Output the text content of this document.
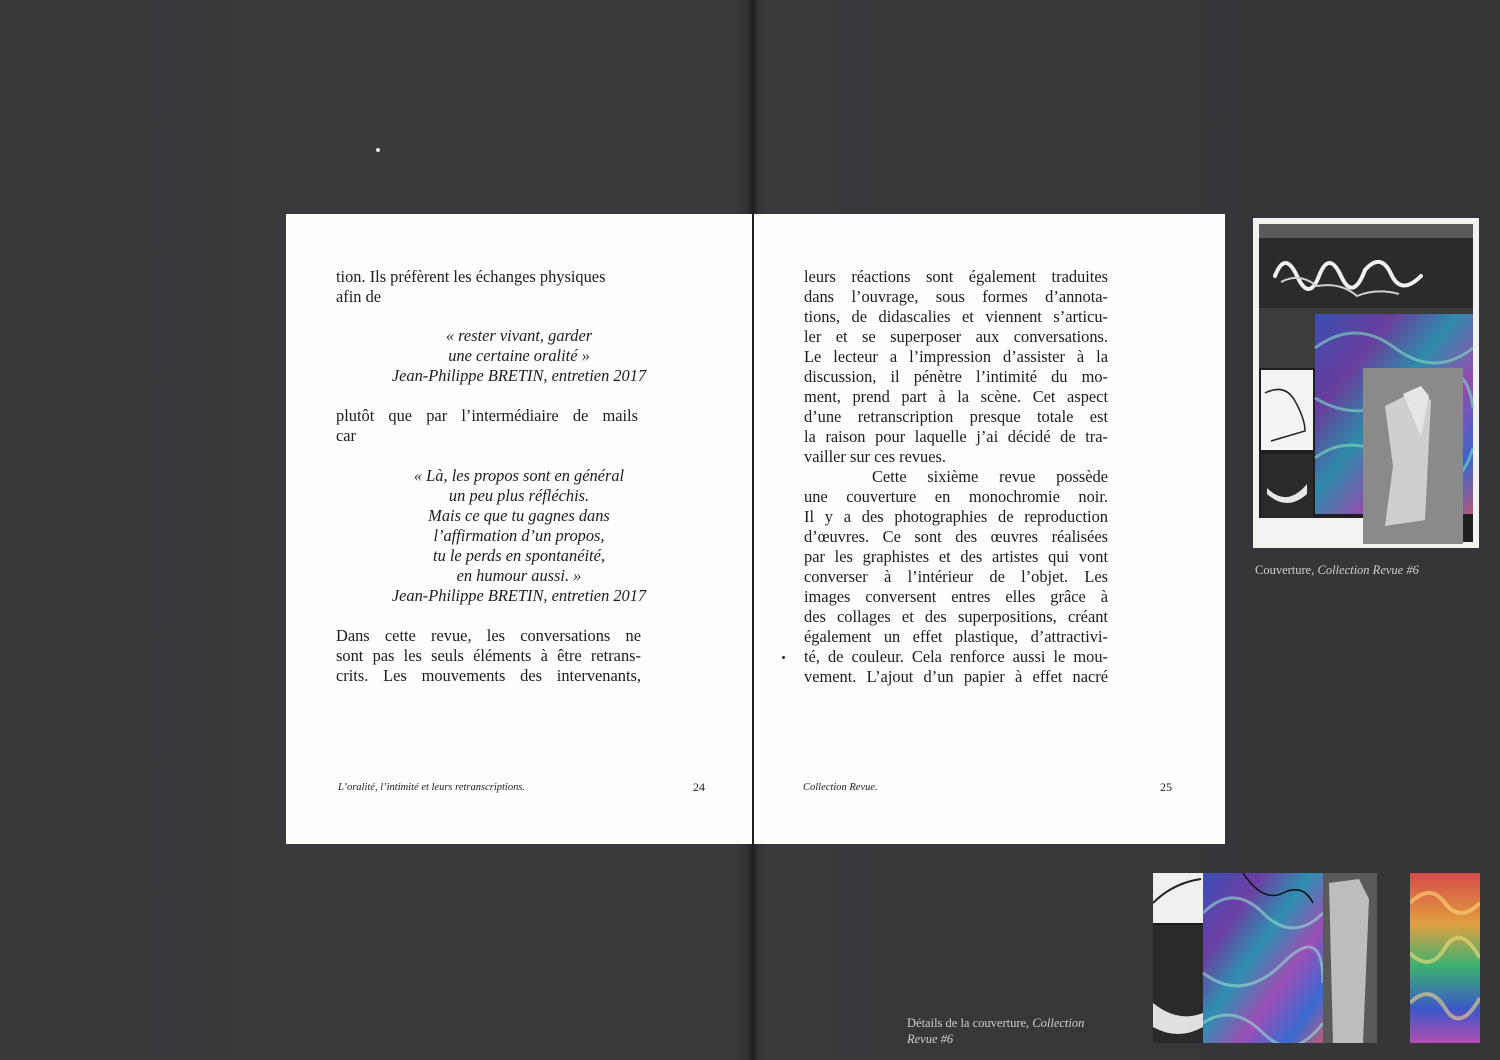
tion. Ils préfèrent les échanges physiques
afin de
« rester vivant, garder
une certaine oralité »
Jean-Philippe BRETIN, entretien 2017
plutôt que par l’intermédiaire de mails
car
« Là, les propos sont en général
un peu plus réfléchis.
Mais ce que tu gagnes dans
l’affirmation d’un propos,
tu le perds en spontanéité,
en humour aussi. »
Jean-Philippe BRETIN, entretien 2017
Dans cette revue, les conversations ne
sont pas les seuls éléments à être retrans-
crits. Les mouvements des intervenants,
L’oralité, l’intimité et leurs retranscriptions.	24
leurs réactions sont également traduites
dans l’ouvrage, sous formes d’annota-
tions, de didascalies et viennent s’articu-
ler et se superposer aux conversations.
Le lecteur a l’impression d’assister à la
discussion, il pénètre l’intimité du mo-
ment, prend part à la scène. Cet aspect
d’une retranscription presque totale est
la raison pour laquelle j’ai décidé de tra-
vailler sur ces revues.
Cette sixième revue possède
une couverture en monochromie noir.
Il y a des photographies de reproduction
d’œuvres. Ce sont des œuvres réalisées
par les graphistes et des artistes qui vont
converser à l’intérieur de l’objet. Les
images conversent entres elles grâce à
des collages et des superpositions, créant
également un effet plastique, d’attractivi-
té, de couleur. Cela renforce aussi le mou-
vement. L’ajout d’un papier à effet nacré
Collection Revue.	25
Couverture, Collection Revue #6
Détails de la couverture, Collection
Revue #6
